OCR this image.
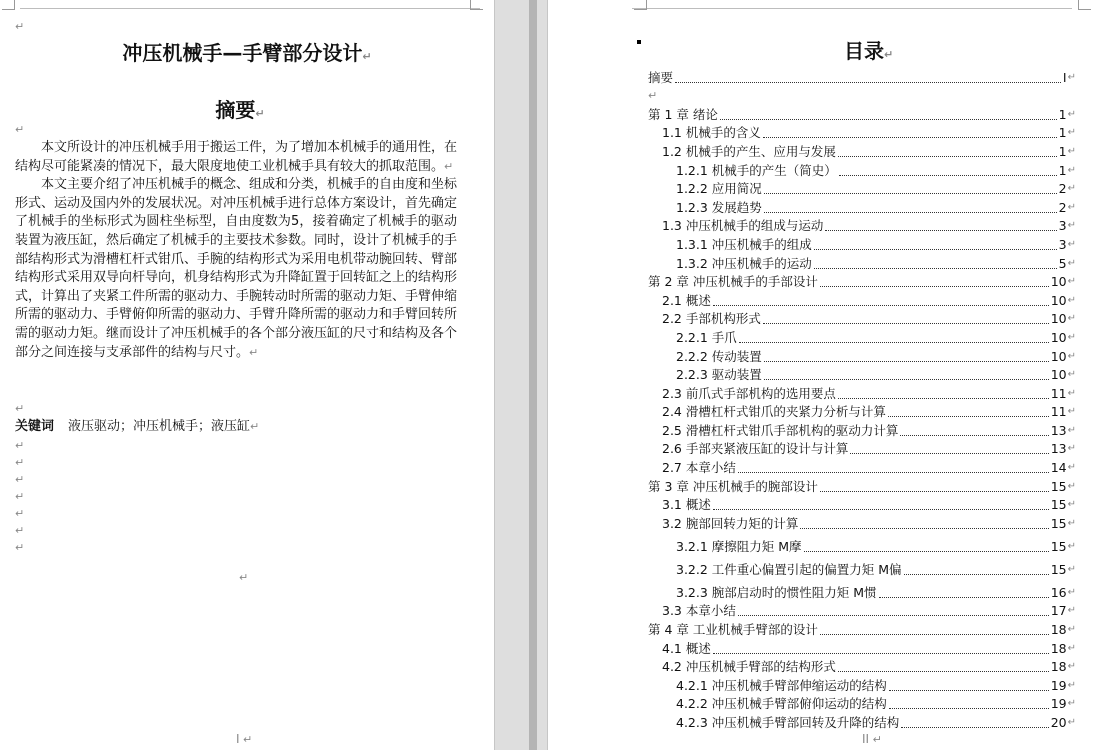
↵
冲压机械手—手臂部分设计↵
摘要↵
↵

本文所设计的冲压机械手用于搬运工件，为了增加本机械手的通用性，在结构尽可能紧凑的情况下，最大限度地使工业机械手具有较大的抓取范围。↵

本文主要介绍了冲压机械手的概念、组成和分类，机械手的自由度和坐标形式、运动及国内外的发展状况。对冲压机械手进行总体方案设计，首先确定了机械手的坐标形式为圆柱坐标型，自由度数为5，接着确定了机械手的驱动装置为液压缸，然后确定了机械手的主要技术参数。同时，设计了机械手的手部结构形式为滑槽杠杆式钳爪、手腕的结构形式为采用电机带动腕回转、臂部结构形式采用双导向杆导向，机身结构形式为升降缸置于回转缸之上的结构形式，计算出了夹紧工件所需的驱动力、手腕转动时所需的驱动力矩、手臂伸缩所需的驱动力、手臂俯仰所需的驱动力、手臂升降所需的驱动力和手臂回转所需的驱动力矩。继而设计了冲压机械手的各个部分液压缸的尺寸和结构及各个部分之间连接与支承部件的结构与尺寸。↵

↵
关键词 液压驱动；冲压机械手；液压缸↵
↵
↵
↵
↵
↵
↵
↵
↵
I ↵
目录↵
摘要	I ↵
↵
第 1 章 绪论	1 ↵
1.1 机械手的含义	1 ↵
1.2 机械手的产生、应用与发展	1 ↵
1.2.1 机械手的产生（简史）	1 ↵
1.2.2 应用简况	2 ↵
1.2.3 发展趋势	2 ↵
1.3 冲压机械手的组成与运动	3 ↵
1.3.1 冲压机械手的组成	3 ↵
1.3.2 冲压机械手的运动	5 ↵
第 2 章 冲压机械手的手部设计	10 ↵
2.1 概述	10 ↵
2.2 手部机构形式	10 ↵
2.2.1 手爪	10 ↵
2.2.2 传动装置	10 ↵
2.2.3 驱动装置	10 ↵
2.3 前爪式手部机构的选用要点	11 ↵
2.4 滑槽杠杆式钳爪的夹紧力分析与计算	11 ↵
2.5 滑槽杠杆式钳爪手部机构的驱动力计算	13 ↵
2.6 手部夹紧液压缸的设计与计算	13 ↵
2.7 本章小结	14 ↵
第 3 章 冲压机械手的腕部设计	15 ↵
3.1 概述	15 ↵
3.2 腕部回转力矩的计算	15 ↵
3.2.1 摩擦阻力矩 M摩	15 ↵
3.2.2 工件重心偏置引起的偏置力矩 M偏	15 ↵
3.2.3 腕部启动时的惯性阻力矩 M惯	16 ↵
3.3 本章小结	17 ↵
第 4 章 工业机械手臂部的设计	18 ↵
4.1 概述	18 ↵
4.2 冲压机械手臂部的结构形式	18 ↵
4.2.1 冲压机械手臂部伸缩运动的结构	19 ↵
4.2.2 冲压机械手臂部俯仰运动的结构	19 ↵
4.2.3 冲压机械手臂部回转及升降的结构	20 ↵
II ↵
